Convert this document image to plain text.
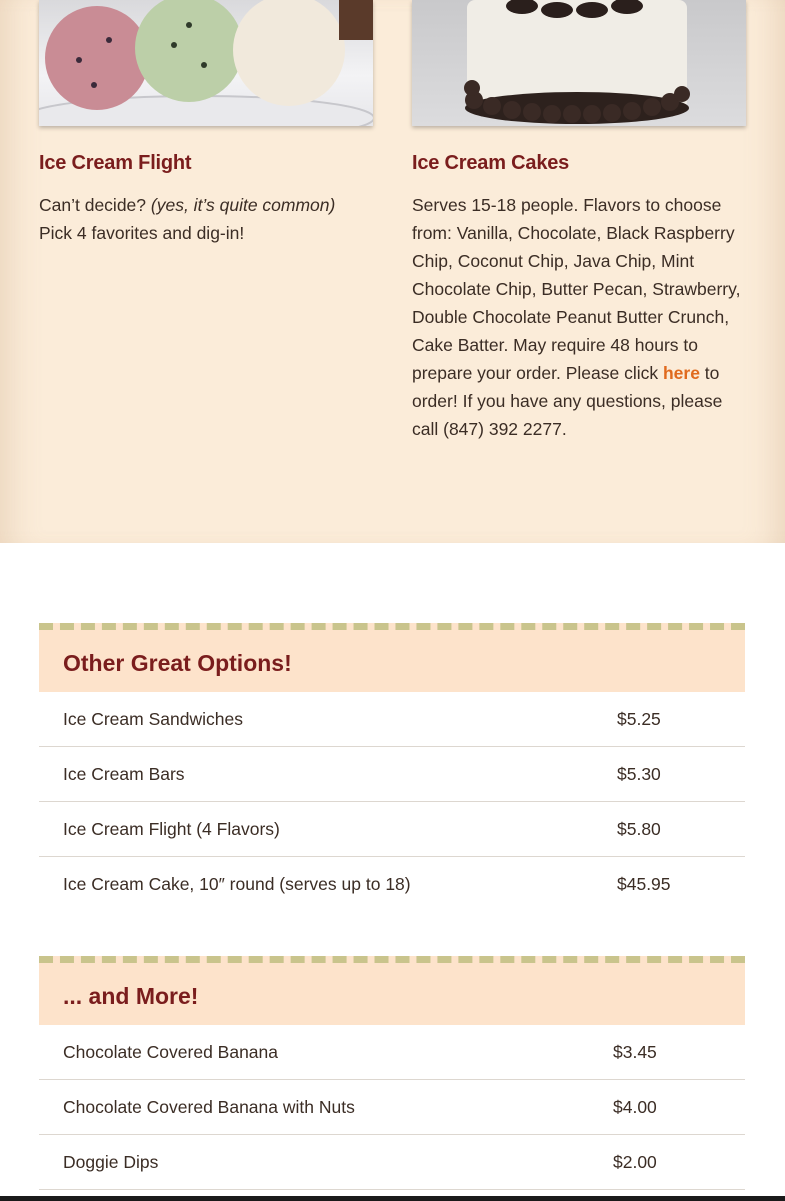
Ice Cream Flight
Can’t decide? (yes, it’s quite common) Pick 4 favorites and dig-in!
Ice Cream Cakes
Serves 15-18 people. Flavors to choose from: Vanilla, Chocolate, Black Raspberry Chip, Coconut Chip, Java Chip, Mint Chocolate Chip, Butter Pecan, Strawberry, Double Chocolate Peanut Butter Crunch, Cake Batter. May require 48 hours to prepare your order. Please click here to order! If you have any questions, please call (847) 392 2277.
Other Great Options!
Ice Cream Sandwiches	$5.25
Ice Cream Bars	$5.30
Ice Cream Flight (4 Flavors)	$5.80
Ice Cream Cake, 10″ round (serves up to 18)	$45.95
... and More!
Chocolate Covered Banana	$3.45
Chocolate Covered Banana with Nuts	$4.00
Doggie Dips	$2.00
